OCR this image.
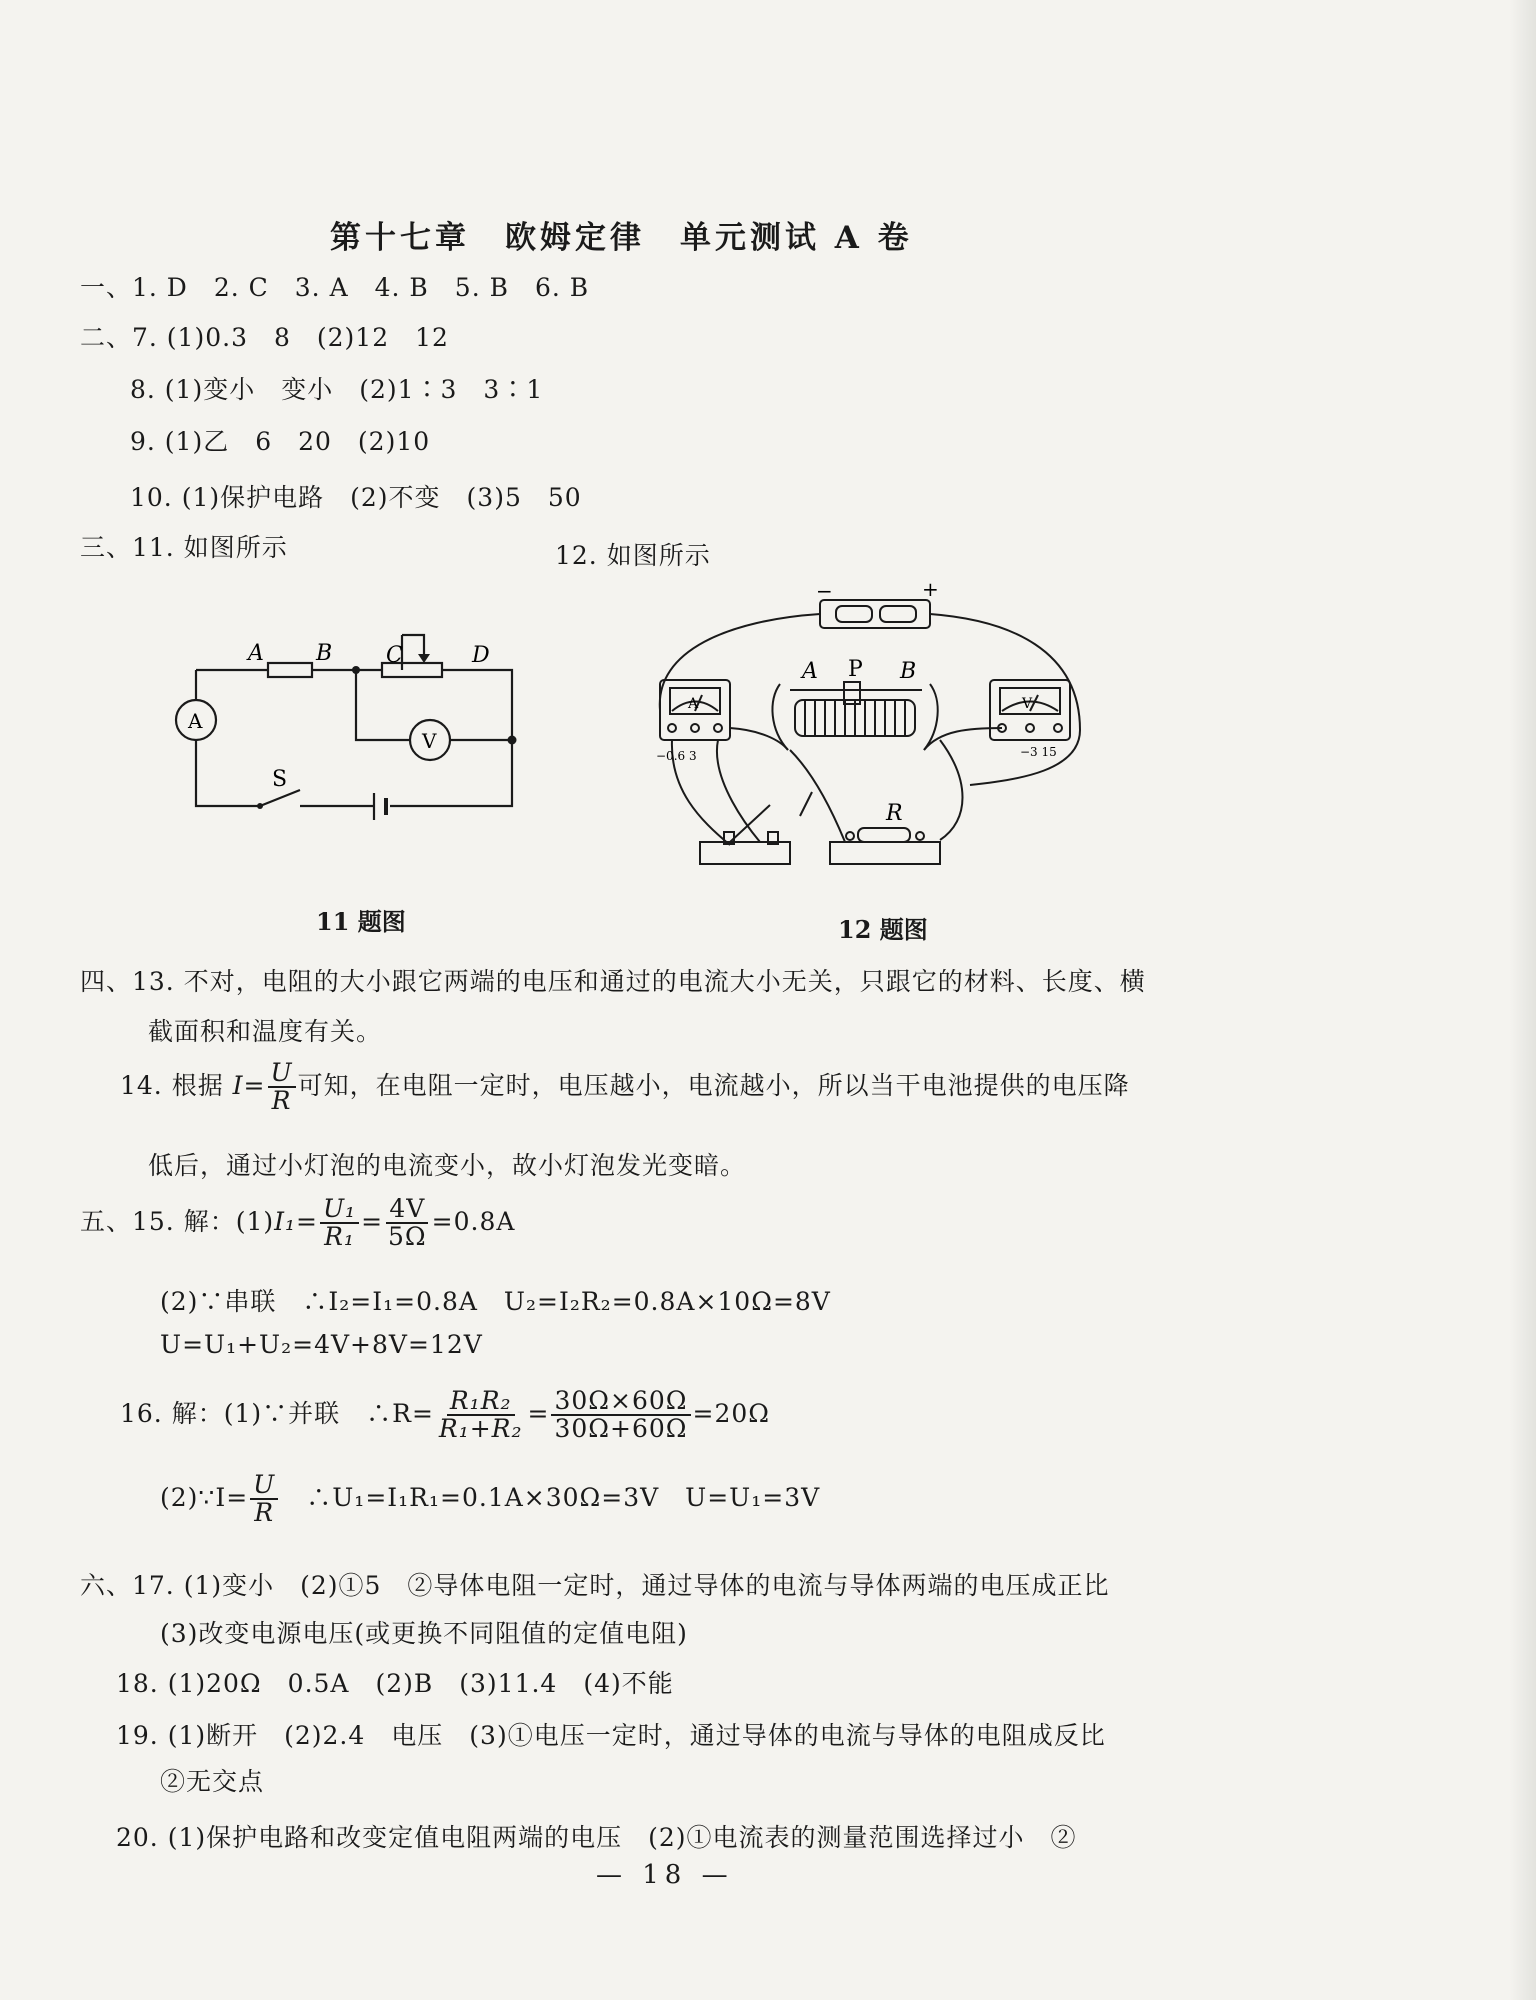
第十七章　欧姆定律　单元测试 A 卷
一、1. D　2. C　3. A　4. B　5. B　6. B
二、7. (1)0.3　8　(2)12　12
8. (1)变小　变小　(2)1∶3　3∶1
9. (1)乙　6　20　(2)10
10. (1)保护电路　(2)不变　(3)5　50
三、11. 如图所示	12. 如图所示
A B C	D
A
V
S
−	+
A	V
A P B
R
−0.6 3	−3 15
11 题图	12 题图
四、13. 不对，电阻的大小跟它两端的电压和通过的电流大小无关，只跟它的材料、长度、横
截面积和温度有关。
14. 根据 $I= \frac{U}{R}$ 可知，在电阻一定时，电压越小，电流越小，所以当干电池提供的电压降
低后，通过小灯泡的电流变小，故小灯泡发光变暗。
五、15. 解：$(1)I_1= \frac{\text{U₁}}{\text{R₁}} = \frac{4V}{5\Omega} =0.8A$
(2)∵串联　∴I₂=I₁=0.8A　U₂=I₂R₂=0.8A×10Ω=8V
U=U₁+U₂=4V+8V=12V
16. 解：(1)∵并联　∴R= $\frac{\text{R₁R₂}}{\text{R₁+R₂}} = \frac{30\Omega\times 60\Omega}{30\Omega+60\Omega} =20\Omega$
(2)∵I= $\frac{U}{R}$ 　∴U₁=I₁R₁=0.1A×30Ω=3V　U=U₁=3V
六、17. (1)变小　(2)①5　②导体电阻一定时，通过导体的电流与导体两端的电压成正比
(3)改变电源电压(或更换不同阻值的定值电阻)
18. (1)20Ω　0.5A　(2)B　(3)11.4　(4)不能
19. (1)断开　(2)2.4　电压　(3)①电压一定时，通过导体的电流与导体的电阻成反比
②无交点
20. (1)保护电路和改变定值电阻两端的电压　(2)①电流表的测量范围选择过小　②
— 18 —
